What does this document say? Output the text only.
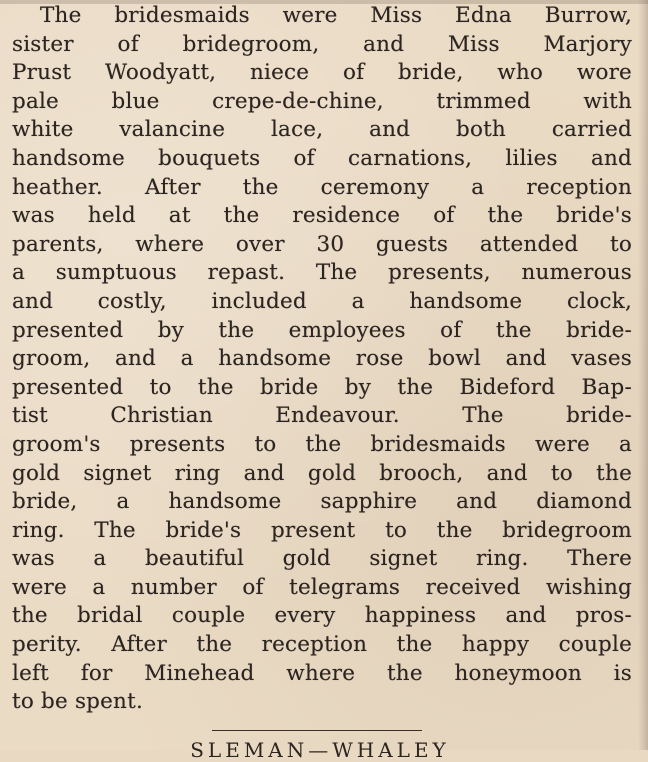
The bridesmaids were Miss Edna Burrow,
sister of bridegroom, and Miss Marjory
Prust Woodyatt, niece of bride, who wore
pale blue crepe-de-chine, trimmed with
white valancine lace, and both carried
handsome bouquets of carnations, lilies and
heather. After the ceremony a reception
was held at the residence of the bride's
parents, where over 30 guests attended to
a sumptuous repast. The presents, numerous
and costly, included a handsome clock,
presented by the employees of the bride-
groom, and a handsome rose bowl and vases
presented to the bride by the Bideford Bap-
tist Christian Endeavour. The bride-
groom's presents to the bridesmaids were a
gold signet ring and gold brooch, and to the
bride, a handsome sapphire and diamond
ring. The bride's present to the bridegroom
was a beautiful gold signet ring. There
were a number of telegrams received wishing
the bridal couple every happiness and pros-
perity. After the reception the happy couple
left for Minehead where the honeymoon is
to be spent.
SLEMAN—WHALEY
